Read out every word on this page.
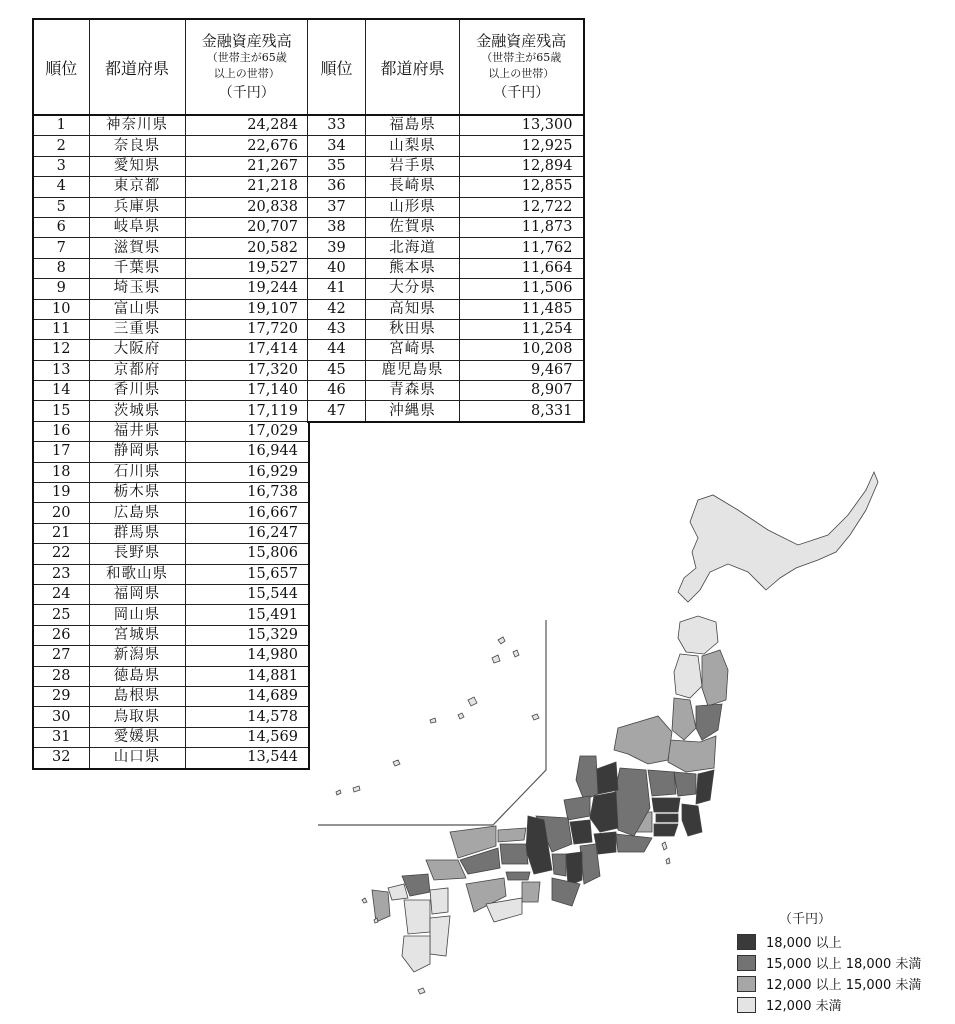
順位	都道府県	金融資産残高
（世帯主が65歳
以上の世帯）
（千円）

1	神奈川県	24,284
2	奈良県	22,676
3	愛知県	21,267
4	東京都	21,218
5	兵庫県	20,838
6	岐阜県	20,707
7	滋賀県	20,582
8	千葉県	19,527
9	埼玉県	19,244
10	富山県	19,107
11	三重県	17,720
12	大阪府	17,414
13	京都府	17,320
14	香川県	17,140
15	茨城県	17,119
16	福井県	17,029
17	静岡県	16,944
18	石川県	16,929
19	栃木県	16,738
20	広島県	16,667
21	群馬県	16,247
22	長野県	15,806
23	和歌山県	15,657
24	福岡県	15,544
25	岡山県	15,491
26	宮城県	15,329
27	新潟県	14,980
28	徳島県	14,881
29	島根県	14,689
30	鳥取県	14,578
31	愛媛県	14,569
32	山口県	13,544
順位	都道府県	金融資産残高
（世帯主が65歳
以上の世帯）
（千円）

33	福島県	13,300
34	山梨県	12,925
35	岩手県	12,894
36	長崎県	12,855
37	山形県	12,722
38	佐賀県	11,873
39	北海道	11,762
40	熊本県	11,664
41	大分県	11,506
42	高知県	11,485
43	秋田県	11,254
44	宮崎県	10,208
45	鹿児島県	9,467
46	青森県	8,907
47	沖縄県	8,331
（千円）
18,000 以上
15,000 以上 18,000 未満
12,000 以上 15,000 未満
12,000 未満
